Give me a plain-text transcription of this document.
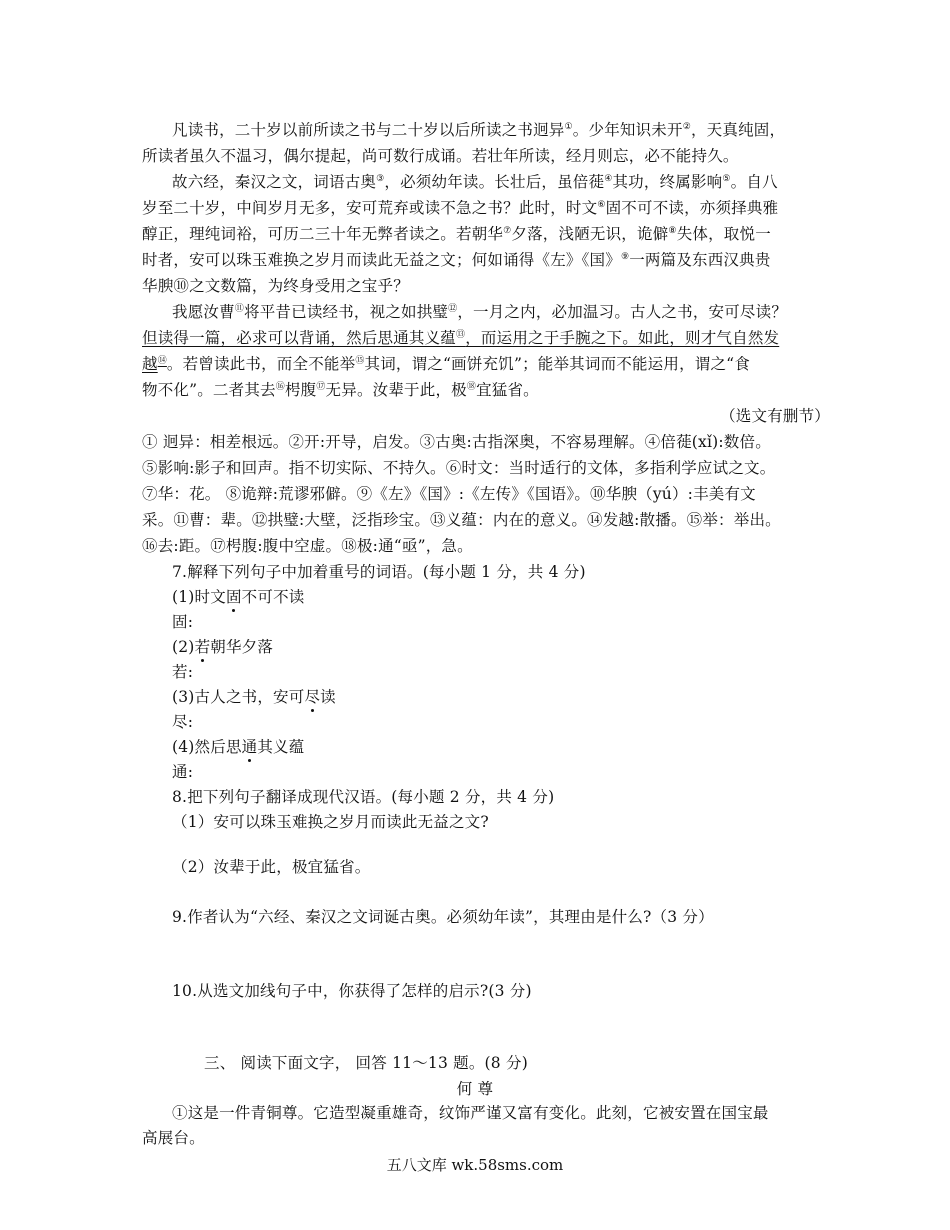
凡读书，二十岁以前所读之书与二十岁以后所读之书迥异①。少年知识未开②，天真纯固，
所读者虽久不温习，偶尔提起，尚可数行成诵。若壮年所读，经月则忘，必不能持久。
故六经，秦汉之文，词语古奥③，必须幼年读。长壮后，虽倍蓰④其功，终属影响⑤。自八
岁至二十岁，中间岁月无多，安可荒弃或读不急之书？此时，时文⑥固不可不读，亦须择典雅
醇正，理纯词裕，可历二三十年无弊者读之。若朝华⑦夕落，浅陋无识，诡僻⑧失体，取悦一
时者，安可以珠玉难换之岁月而读此无益之文；何如诵得《左》《国》⑨一两篇及东西汉典贵
华腴⑩之文数篇，为终身受用之宝乎？
我愿汝曹⑪将平昔已读经书，视之如拱璧⑫，一月之内，必加温习。古人之书，安可尽读？
但读得一篇，必求可以背诵，然后思通其义蕴⑬，而运用之于手腕之下。如此，则才气自然发
越⑭。若曾读此书，而全不能举⑮其词，谓之“画饼充饥”；能举其词而不能运用，谓之“食
物不化”。二者其去⑯枵腹⑰无异。汝辈于此，极⑱宜猛省。
（选文有删节）
① 迥异：相差根远。②开:开导，启发。③古奥:古指深奥，不容易理解。④倍蓰(xǐ):数倍。
⑤影响:影子和回声。指不切实际、不持久。⑥时文：当时适行的文体，多指利学应试之文。
⑦华：花。 ⑧诡辩:荒谬邪僻。⑨《左》《国》:《左传》《国语》。⑩华腴（yú）:丰美有文
采。⑪曹：辈。⑫拱璧:大壁，泛指珍宝。⑬义蕴：内在的意义。⑭发越:散播。⑮举：举出。
⑯去:距。⑰枵腹:腹中空虚。⑱极:通“亟”，急。
7.解释下列句子中加着重号的词语。(每小题 1 分，共 4 分)
(1)时文固不可不读
固:
(2)若朝华夕落
若:
(3)古人之书，安可尽读
尽:
(4)然后思通其义蕴
通:
8.把下列句子翻译成现代汉语。(每小题 2 分，共 4 分)
（1）安可以珠玉难换之岁月而读此无益之文?
（2）汝辈于此，极宜猛省。
9.作者认为“六经、秦汉之文词诞古奥。必须幼年读”，其理由是什么?（3 分）
10.从选文加线句子中，你获得了怎样的启示?(3 分)
三、 阅读下面文字， 回答 11～13 题。(8 分)
何 尊
①这是一件青铜尊。它造型凝重雄奇，纹饰严谨又富有变化。此刻，它被安置在国宝最
高展台。
五八文库 wk.58sms.com
